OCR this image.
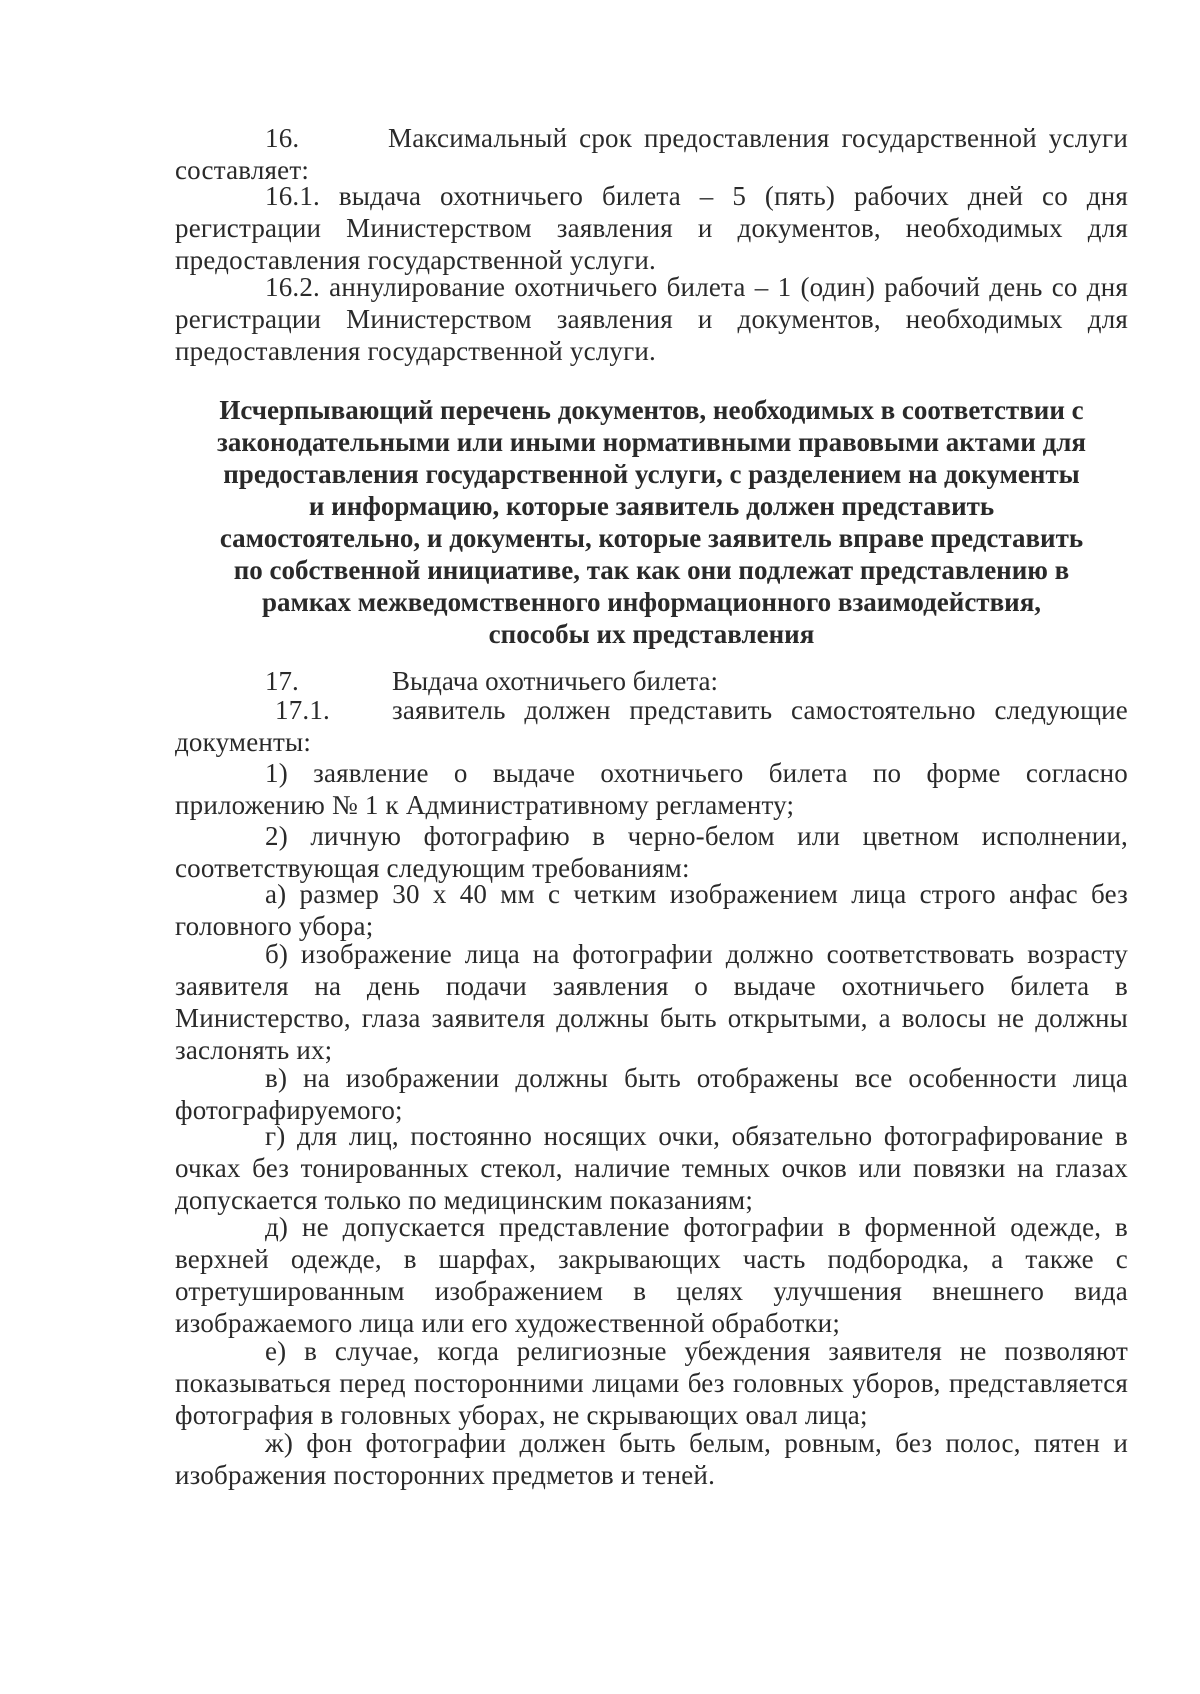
16.	Максимальный срок предоставления государственной услуги составляет:

16.1. выдача охотничьего билета – 5 (пять) рабочих дней со дня регистрации Министерством заявления и документов, необходимых для предоставления государственной услуги.

16.2. аннулирование охотничьего билета – 1 (один) рабочий день со дня регистрации Министерством заявления и документов, необходимых для предоставления государственной услуги.

Исчерпывающий перечень документов, необходимых в соответствии с законодательными или иными нормативными правовыми актами для предоставления государственной услуги, с разделением на документы и информацию, которые заявитель должен представить самостоятельно, и документы, которые заявитель вправе представить по собственной инициативе, так как они подлежат представлению в рамках межведомственного информационного взаимодействия, способы их представления

17.	Выдача охотничьего билета:

17.1. заявитель должен представить самостоятельно следующие документы:

1) заявление о выдаче охотничьего билета по форме согласно приложению № 1 к Административному регламенту;

2) личную фотографию в черно-белом или цветном исполнении, соответствующая следующим требованиям:

а) размер 30 х 40 мм с четким изображением лица строго анфас без головного убора;

б) изображение лица на фотографии должно соответствовать возрасту заявителя на день подачи заявления о выдаче охотничьего билета в Министерство, глаза заявителя должны быть открытыми, а волосы не должны заслонять их;

в) на изображении должны быть отображены все особенности лица фотографируемого;

г) для лиц, постоянно носящих очки, обязательно фотографирование в очках без тонированных стекол, наличие темных очков или повязки на глазах допускается только по медицинским показаниям;

д) не допускается представление фотографии в форменной одежде, в верхней одежде, в шарфах, закрывающих часть подбородка, а также с отретушированным изображением в целях улучшения внешнего вида изображаемого лица или его художественной обработки;

е) в случае, когда религиозные убеждения заявителя не позволяют показываться перед посторонними лицами без головных уборов, представляется фотография в головных уборах, не скрывающих овал лица;

ж) фон фотографии должен быть белым, ровным, без полос, пятен и изображения посторонних предметов и теней.
